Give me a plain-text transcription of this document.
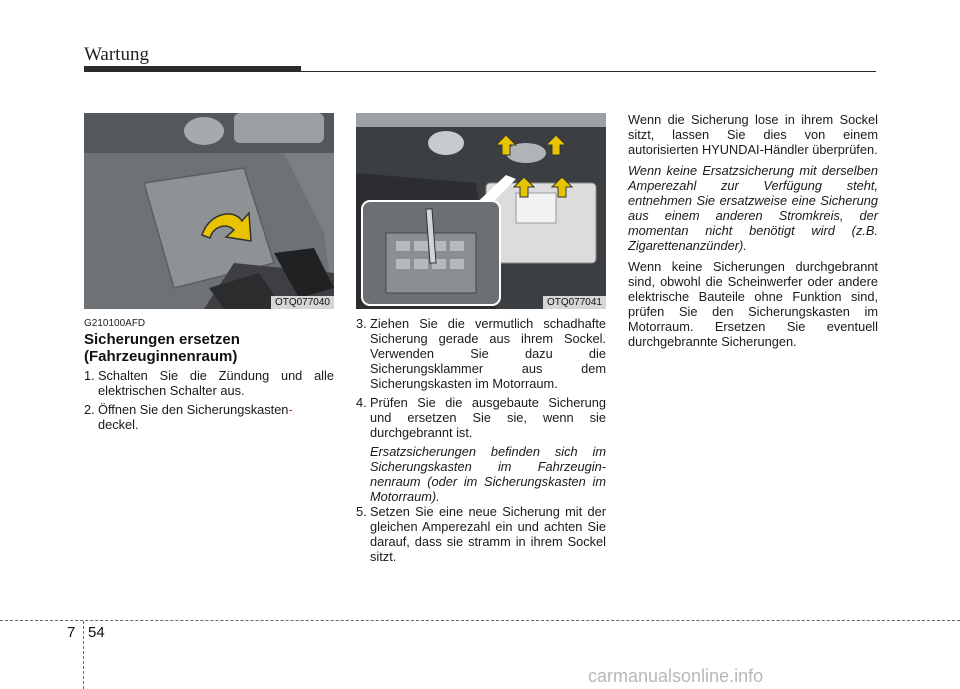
Wartung
OTQ077040	OTQ077041
G210100AFD
Sicherungen ersetzen (Fahrzeuginnenraum)
1. Schalten Sie die Zündung und alle elektrischen Schalter aus.
2. Öffnen Sie den Sicherungskasten-
deckel.
3. Ziehen Sie die vermutlich schadhafte Sicherung gerade aus ihrem Sockel. Verwenden Sie dazu die Sicherungsklammer aus dem Sicherungskasten im Motorraum.
4. Prüfen Sie die ausgebaute Sicherung und ersetzen Sie sie, wenn sie durchgebrannt ist.

Ersatzsicherungen befinden sich im Sicherungskasten im Fahrzeugin- nenraum (oder im Sicherungskasten im Motorraum).

5. Setzen Sie eine neue Sicherung mit der gleichen Amperezahl ein und achten Sie darauf, dass sie stramm in ihrem Sockel sitzt.

Wenn die Sicherung lose in ihrem Sockel sitzt, lassen Sie dies von einem autorisierten HYUNDAI-Händler überprüfen.

Wenn keine Ersatzsicherung mit derselben Amperezahl zur Verfügung steht, entnehmen Sie ersatzweise eine Sicherung aus einem anderen Stromkreis, der momentan nicht benötigt wird (z.B. Zigarettenanzünder).

Wenn keine Sicherungen durchgebrannt sind, obwohl die Scheinwerfer oder andere elektrische Bauteile ohne Funktion sind, prüfen Sie den Sicherungskasten im Motorraum. Ersetzen Sie eventuell durchgebrannte Sicherungen.

7 54
carmanualsonline.info
